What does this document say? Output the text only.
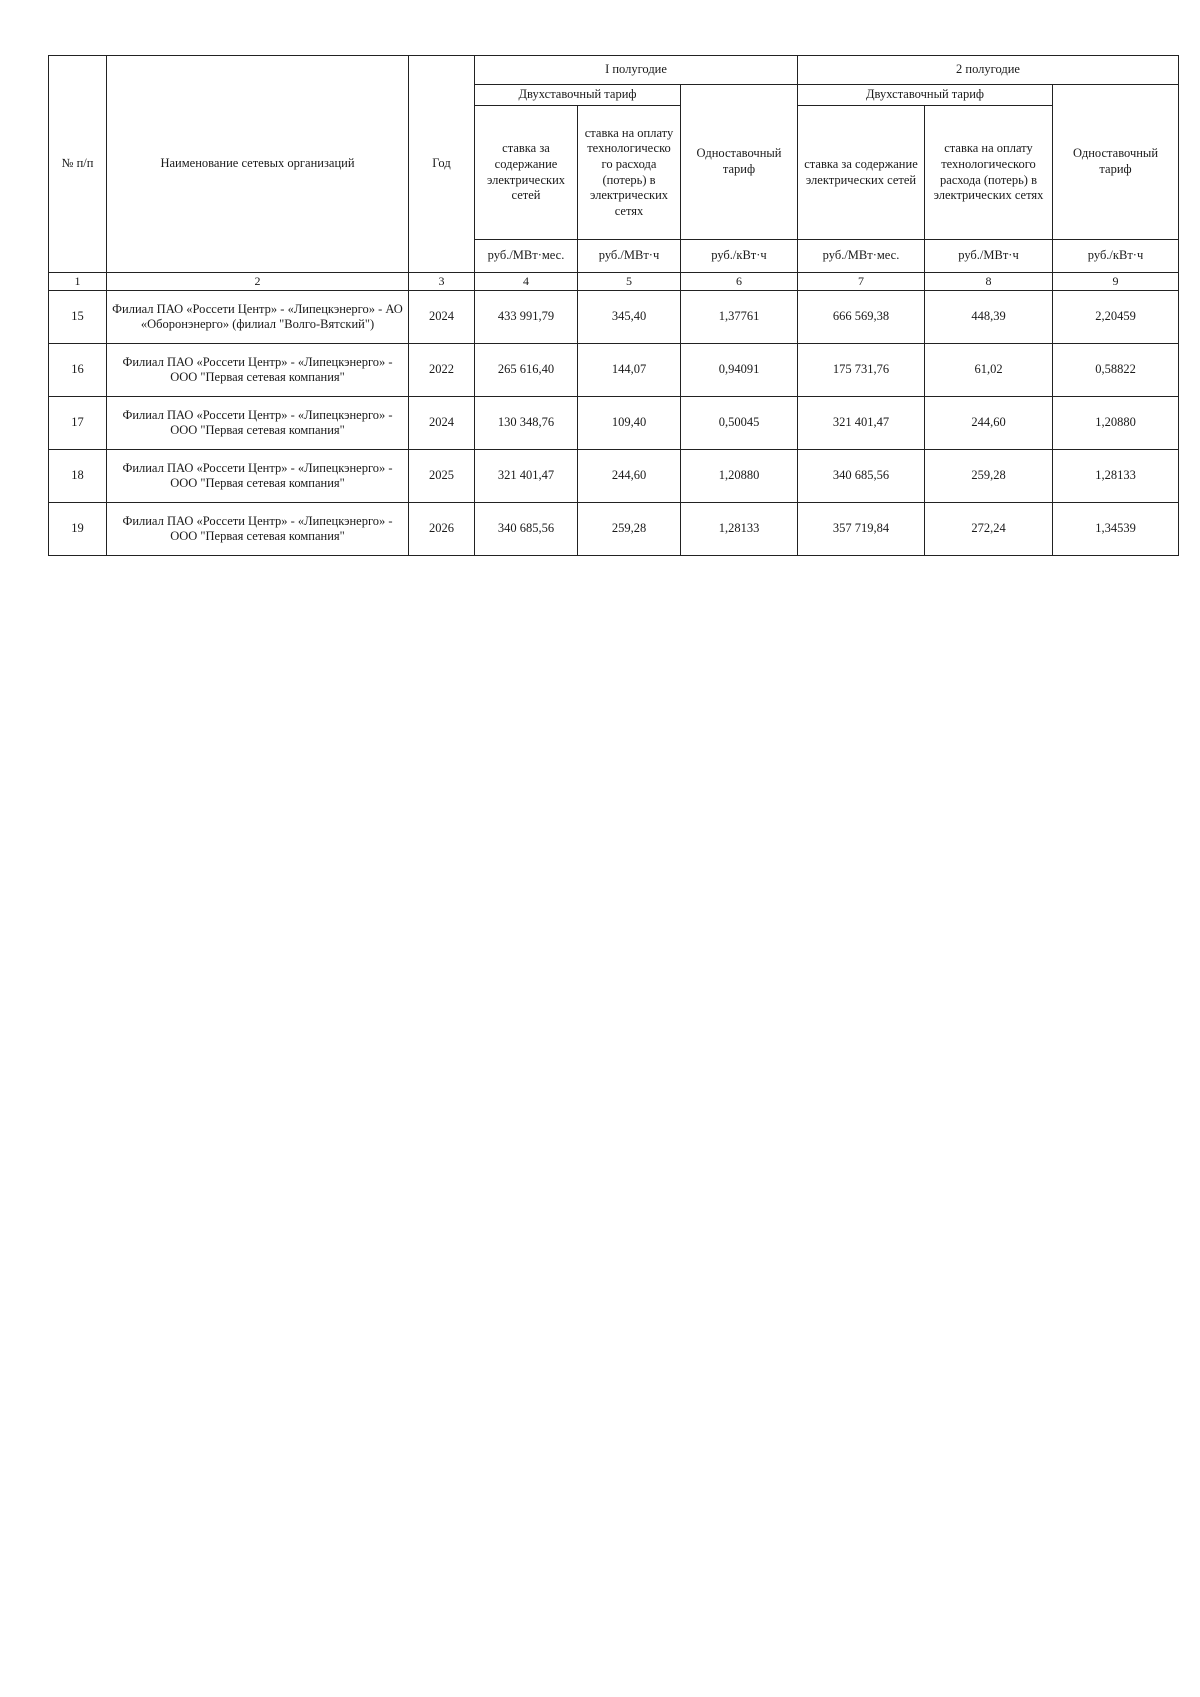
№ п/п	Наименование сетевых организаций	Год	I полугодие			2 полугодие		
			Двухставочный тариф		Одноставочный тариф	Двухставочный тариф		Одноставочный тариф
			ставка за содержание электрических сетей	ставка на оплату технологическо го расхода (потерь) в электрических сетях		ставка за содержание электрических сетей	ставка на оплату технологического расхода (потерь) в электрических сетях	
			руб./МВт·мес.	руб./МВт·ч	руб./кВт·ч	руб./МВт·мес.	руб./МВт·ч	руб./кВт·ч
1	2	3	4	5	6	7	8	9
15	Филиал ПАО «Россети Центр» - «Липецкэнерго» - АО «Оборонэнерго» (филиал "Волго-Вятский")	2024	433 991,79	345,40	1,37761	666 569,38	448,39	2,20459
16	Филиал ПАО «Россети Центр» - «Липецкэнерго» - ООО "Первая сетевая компания"	2022	265 616,40	144,07	0,94091	175 731,76	61,02	0,58822
17	Филиал ПАО «Россети Центр» - «Липецкэнерго» - ООО "Первая сетевая компания"	2024	130 348,76	109,40	0,50045	321 401,47	244,60	1,20880
18	Филиал ПАО «Россети Центр» - «Липецкэнерго» - ООО "Первая сетевая компания"	2025	321 401,47	244,60	1,20880	340 685,56	259,28	1,28133
19	Филиал ПАО «Россети Центр» - «Липецкэнерго» - ООО "Первая сетевая компания"	2026	340 685,56	259,28	1,28133	357 719,84	272,24	1,34539
